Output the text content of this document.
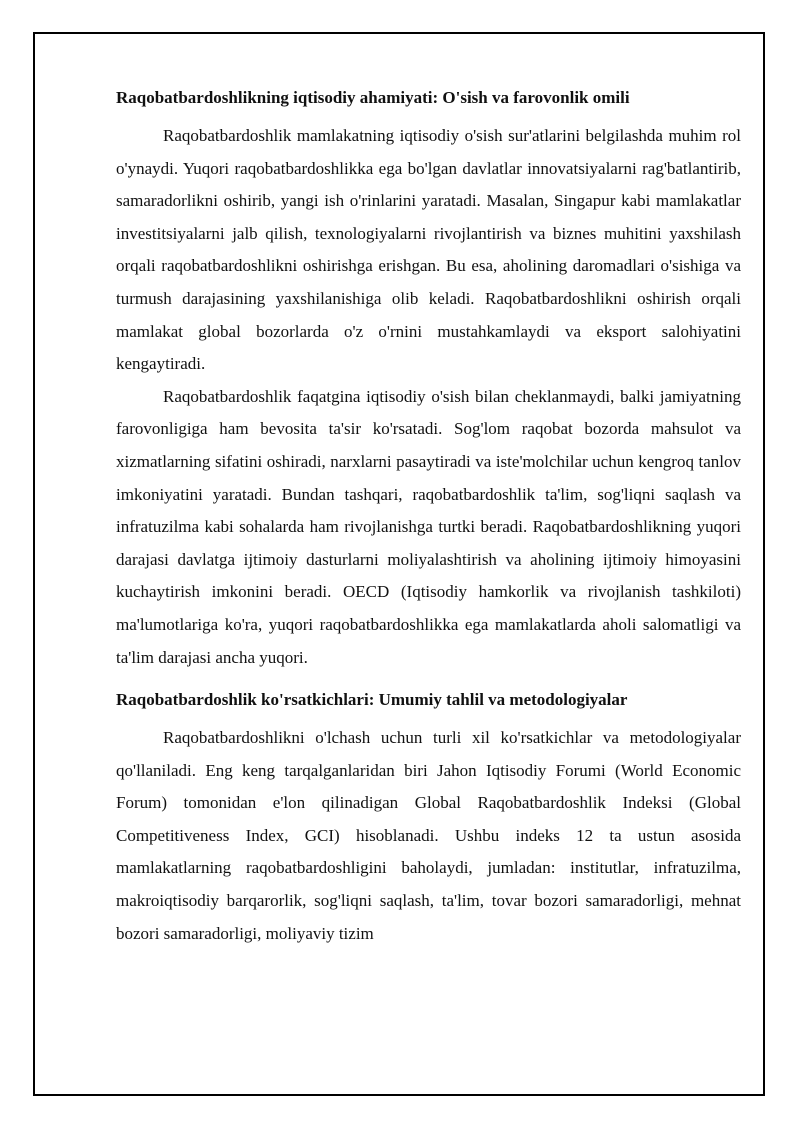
Raqobatbardoshlikning iqtisodiy ahamiyati: O'sish va farovonlik omili

Raqobatbardoshlik mamlakatning iqtisodiy o'sish sur'atlarini belgilashda muhim rol o'ynaydi. Yuqori raqobatbardoshlikka ega bo'lgan davlatlar innovatsiyalarni rag'batlantirib, samaradorlikni oshirib, yangi ish o'rinlarini yaratadi. Masalan, Singapur kabi mamlakatlar investitsiyalarni jalb qilish, texnologiyalarni rivojlantirish va biznes muhitini yaxshilash orqali raqobatbardoshlikni oshirishga erishgan. Bu esa, aholining daromadlari o'sishiga va turmush darajasining yaxshilanishiga olib keladi. Raqobatbardoshlikni oshirish orqali mamlakat global bozorlarda o'z o'rnini mustahkamlaydi va eksport salohiyatini kengaytiradi.

Raqobatbardoshlik faqatgina iqtisodiy o'sish bilan cheklanmaydi, balki jamiyatning farovonligiga ham bevosita ta'sir ko'rsatadi. Sog'lom raqobat bozorda mahsulot va xizmatlarning sifatini oshiradi, narxlarni pasaytiradi va iste'molchilar uchun kengroq tanlov imkoniyatini yaratadi. Bundan tashqari, raqobatbardoshlik ta'lim, sog'liqni saqlash va infratuzilma kabi sohalarda ham rivojlanishga turtki beradi. Raqobatbardoshlikning yuqori darajasi davlatga ijtimoiy dasturlarni moliyalashtirish va aholining ijtimoiy himoyasini kuchaytirish imkonini beradi. OECD (Iqtisodiy hamkorlik va rivojlanish tashkiloti) ma'lumotlariga ko'ra, yuqori raqobatbardoshlikka ega mamlakatlarda aholi salomatligi va ta'lim darajasi ancha yuqori.

Raqobatbardoshlik ko'rsatkichlari: Umumiy tahlil va metodologiyalar

Raqobatbardoshlikni o'lchash uchun turli xil ko'rsatkichlar va metodologiyalar qo'llaniladi. Eng keng tarqalganlaridan biri Jahon Iqtisodiy Forumi (World Economic Forum) tomonidan e'lon qilinadigan Global Raqobatbardoshlik Indeksi (Global Competitiveness Index, GCI) hisoblanadi. Ushbu indeks 12 ta ustun asosida mamlakatlarning raqobatbardoshligini baholaydi, jumladan: institutlar, infratuzilma, makroiqtisodiy barqarorlik, sog'liqni saqlash, ta'lim, tovar bozori samaradorligi, mehnat bozori samaradorligi, moliyaviy tizim
